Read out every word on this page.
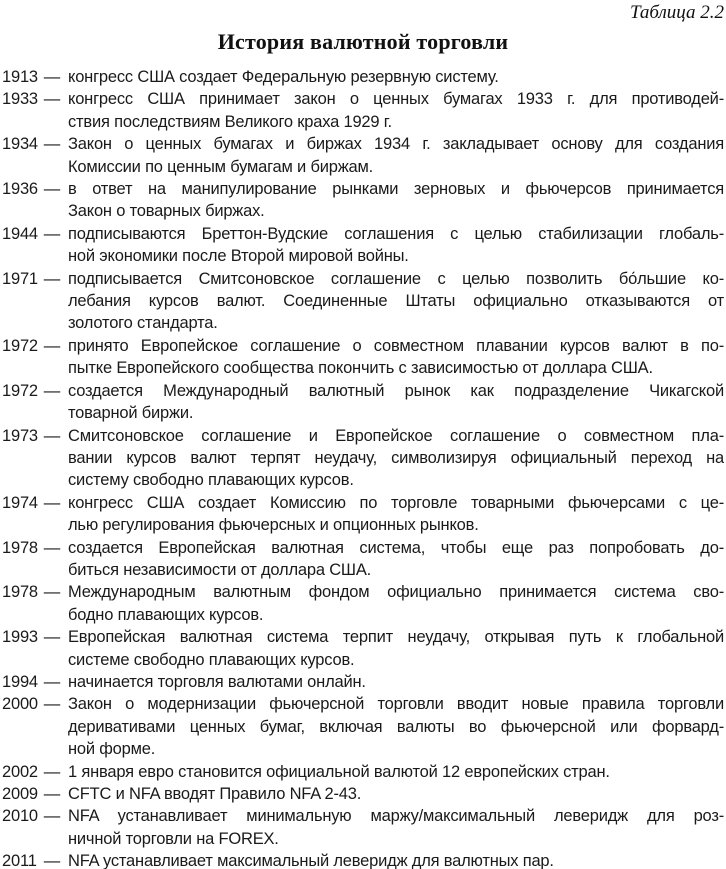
Таблица 2.2
История валютной торговли
1913 — конгресс США создает Федеральную резервную систему.
1933 — конгресс США принимает закон о ценных бумагах 1933 г. для противодей-
ствия последствиям Великого краха 1929 г.
1934 — Закон о ценных бумагах и биржах 1934 г. закладывает основу для создания
Комиссии по ценным бумагам и биржам.
1936 — в ответ на манипулирование рынками зерновых и фьючерсов принимается
Закон о товарных биржах.
1944 — подписываются Бреттон-Вудские соглашения с целью стабилизации глобаль-
ной экономики после Второй мировой войны.
1971 — подписывается Смитсоновское соглашение с целью позволить бо́льшие ко-
лебания курсов валют. Соединенные Штаты официально отказываются от
золотого стандарта.
1972 — принято Европейское соглашение о совместном плавании курсов валют в по-
пытке Европейского сообщества покончить с зависимостью от доллара США.
1972 — создается Международный валютный рынок как подразделение Чикагской
товарной биржи.
1973 — Смитсоновское соглашение и Европейское соглашение о совместном пла-
вании курсов валют терпят неудачу, символизируя официальный переход на
систему свободно плавающих курсов.
1974 — конгресс США создает Комиссию по торговле товарными фьючерсами с це-
лью регулирования фьючерсных и опционных рынков.
1978 — создается Европейская валютная система, чтобы еще раз попробовать до-
биться независимости от доллара США.
1978 — Международным валютным фондом официально принимается система сво-
бодно плавающих курсов.
1993 — Европейская валютная система терпит неудачу, открывая путь к глобальной
системе свободно плавающих курсов.
1994 — начинается торговля валютами онлайн.
2000 — Закон о модернизации фьючерсной торговли вводит новые правила торговли
деривативами ценных бумаг, включая валюты во фьючерсной или форвард-
ной форме.
2002 — 1 января евро становится официальной валютой 12 европейских стран.
2009 — CFTC и NFA вводят Правило NFA 2-43.
2010 — NFA устанавливает минимальную маржу/максимальный леверидж для роз-
ничной торговли на FOREX.
2011 — NFA устанавливает максимальный леверидж для валютных пар.
